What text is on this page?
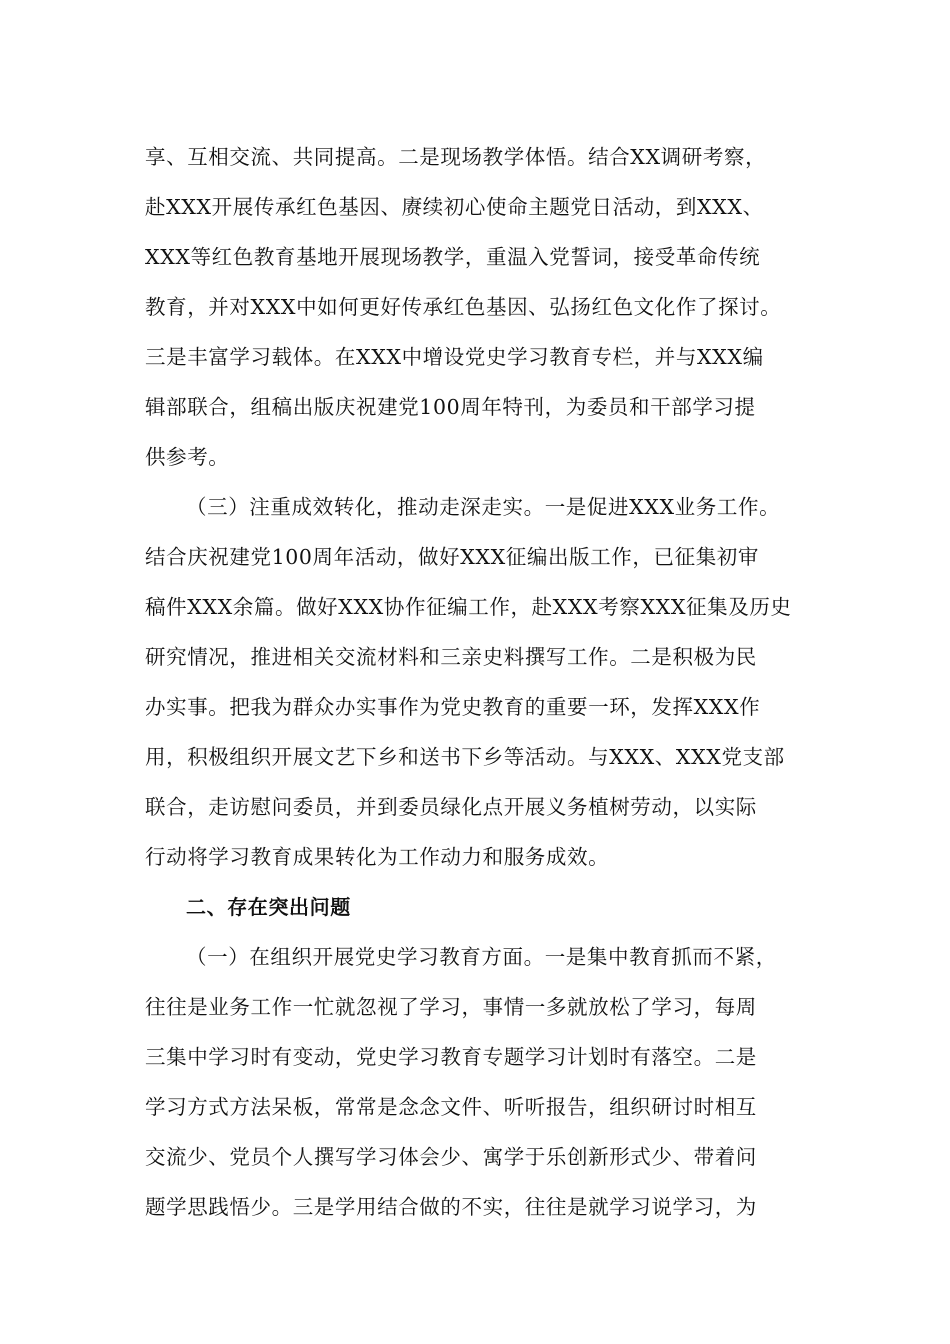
享、互相交流、共同提高。二是现场教学体悟。结合XX调研考察，
赴XXX开展传承红色基因、赓续初心使命主题党日活动，到XXX、
XXX等红色教育基地开展现场教学，重温入党誓词，接受革命传统
教育，并对XXX中如何更好传承红色基因、弘扬红色文化作了探讨。
三是丰富学习载体。在XXX中增设党史学习教育专栏，并与XXX编
辑部联合，组稿出版庆祝建党100周年特刊，为委员和干部学习提
供参考。
（三）注重成效转化，推动走深走实。一是促进XXX业务工作。
结合庆祝建党100周年活动，做好XXX征编出版工作，已征集初审
稿件XXX余篇。做好XXX协作征编工作，赴XXX考察XXX征集及历史
研究情况，推进相关交流材料和三亲史料撰写工作。二是积极为民
办实事。把我为群众办实事作为党史教育的重要一环，发挥XXX作
用，积极组织开展文艺下乡和送书下乡等活动。与XXX、XXX党支部
联合，走访慰问委员，并到委员绿化点开展义务植树劳动，以实际
行动将学习教育成果转化为工作动力和服务成效。
二、存在突出问题
（一）在组织开展党史学习教育方面。一是集中教育抓而不紧，
往往是业务工作一忙就忽视了学习，事情一多就放松了学习，每周
三集中学习时有变动，党史学习教育专题学习计划时有落空。二是
学习方式方法呆板，常常是念念文件、听听报告，组织研讨时相互
交流少、党员个人撰写学习体会少、寓学于乐创新形式少、带着问
题学思践悟少。三是学用结合做的不实，往往是就学习说学习，为
